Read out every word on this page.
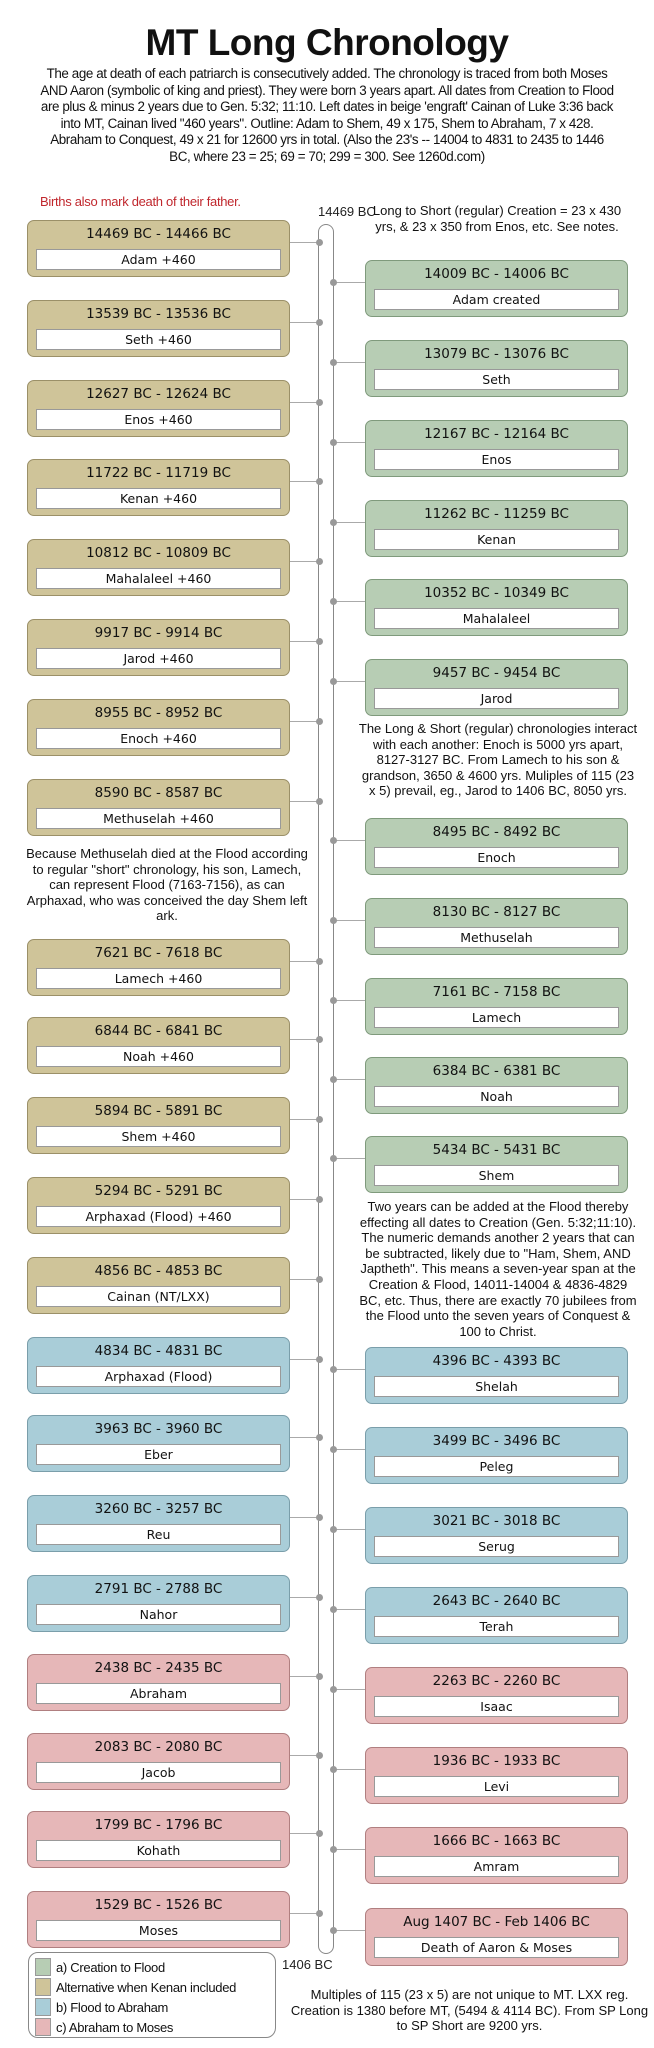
MT Long Chronology
The age at death of each patriarch is consecutively added. The chronology is traced from both Moses AND Aaron (symbolic of king and priest). They were born 3 years apart. All dates from Creation to Flood are plus & minus 2 years due to Gen. 5:32; 11:10. Left dates in beige 'engraft' Cainan of Luke 3:36 back into MT, Cainan lived "460 years". Outline: Adam to Shem, 49 x 175, Shem to Abraham, 7 x 428. Abraham to Conquest, 49 x 21 for 12600 yrs in total. (Also the 23's -- 14004 to 4831 to 2435 to 1446 BC, where 23 = 25; 69 = 70; 299 = 300. See 1260d.com)
Births also mark death of their father.
14469 BC
1406 BC
Long to Short (regular) Creation = 23 x 430 yrs, & 23 x 350 from Enos, etc. See notes.
The Long & Short (regular) chronologies interact with each another: Enoch is 5000 yrs apart, 8127-3127 BC. From Lamech to his son & grandson, 3650 & 4600 yrs. Muliples of 115 (23 x 5) prevail, eg., Jarod to 1406 BC, 8050 yrs.
Because Methuselah died at the Flood according to regular "short" chronology, his son, Lamech, can represent Flood (7163-7156), as can Arphaxad, who was conceived the day Shem left ark.
Two years can be added at the Flood thereby effecting all dates to Creation (Gen. 5:32;11:10). The numeric demands another 2 years that can be subtracted, likely due to "Ham, Shem, AND Japtheth". This means a seven-year span at the Creation & Flood, 14011-14004 & 4836-4829 BC, etc. Thus, there are exactly 70 jubilees from the Flood unto the seven years of Conquest & 100 to Christ.
Multiples of 115 (23 x 5) are not unique to MT. LXX reg. Creation is 1380 before MT, (5494 & 4114 BC). From SP Long to SP Short are 9200 yrs.
14469 BC - 14466 BC
Adam +460
13539 BC - 13536 BC
Seth +460
12627 BC - 12624 BC
Enos +460
11722 BC - 11719 BC
Kenan +460
10812 BC - 10809 BC
Mahalaleel +460
9917 BC - 9914 BC
Jarod +460
8955 BC - 8952 BC
Enoch +460
8590 BC - 8587 BC
Methuselah +460
7621 BC - 7618 BC
Lamech +460
6844 BC - 6841 BC
Noah +460
5894 BC - 5891 BC
Shem +460
5294 BC - 5291 BC
Arphaxad (Flood) +460
4856 BC - 4853 BC
Cainan (NT/LXX)
4834 BC - 4831 BC
Arphaxad (Flood)
3963 BC - 3960 BC
Eber
3260 BC - 3257 BC
Reu
2791 BC - 2788 BC
Nahor
2438 BC - 2435 BC
Abraham
2083 BC - 2080 BC
Jacob
1799 BC - 1796 BC
Kohath
1529 BC - 1526 BC
Moses
14009 BC - 14006 BC
Adam created
13079 BC - 13076 BC
Seth
12167 BC - 12164 BC
Enos
11262 BC - 11259 BC
Kenan
10352 BC - 10349 BC
Mahalaleel
9457 BC - 9454 BC
Jarod
8495 BC - 8492 BC
Enoch
8130 BC - 8127 BC
Methuselah
7161 BC - 7158 BC
Lamech
6384 BC - 6381 BC
Noah
5434 BC - 5431 BC
Shem
4396 BC - 4393 BC
Shelah
3499 BC - 3496 BC
Peleg
3021 BC - 3018 BC
Serug
2643 BC - 2640 BC
Terah
2263 BC - 2260 BC
Isaac
1936 BC - 1933 BC
Levi
1666 BC - 1663 BC
Amram
Aug 1407 BC - Feb 1406 BC
Death of Aaron & Moses
a) Creation to Flood
Alternative when Kenan included
b) Flood to Abraham
c) Abraham to Moses
